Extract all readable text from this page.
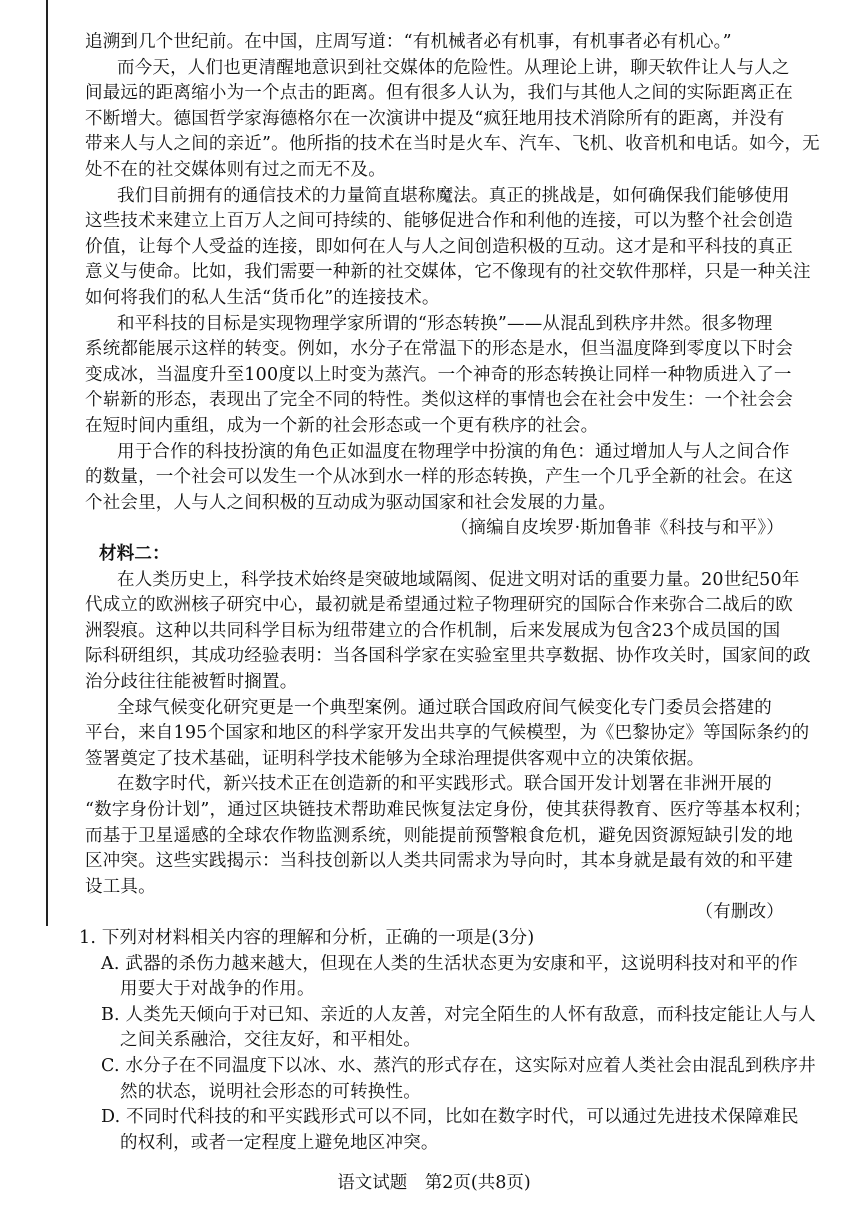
语文试题　第2页(共8页)
追溯到几个世纪前。在中国，庄周写道：“有机械者必有机事，有机事者必有机心。”
而今天，人们也更清醒地意识到社交媒体的危险性。从理论上讲，聊天软件让人与人之
间最远的距离缩小为一个点击的距离。但有很多人认为，我们与其他人之间的实际距离正在
不断增大。德国哲学家海德格尔在一次演讲中提及“疯狂地用技术消除所有的距离，并没有
带来人与人之间的亲近”。他所指的技术在当时是火车、汽车、飞机、收音机和电话。如今，无
处不在的社交媒体则有过之而无不及。
我们目前拥有的通信技术的力量简直堪称魔法。真正的挑战是，如何确保我们能够使用
这些技术来建立上百万人之间可持续的、能够促进合作和利他的连接，可以为整个社会创造
价值，让每个人受益的连接，即如何在人与人之间创造积极的互动。这才是和平科技的真正
意义与使命。比如，我们需要一种新的社交媒体，它不像现有的社交软件那样，只是一种关注
如何将我们的私人生活“货币化”的连接技术。
和平科技的目标是实现物理学家所谓的“形态转换”——从混乱到秩序井然。很多物理
系统都能展示这样的转变。例如，水分子在常温下的形态是水，但当温度降到零度以下时会
变成冰，当温度升至100度以上时变为蒸汽。一个神奇的形态转换让同样一种物质进入了一
个崭新的形态，表现出了完全不同的特性。类似这样的事情也会在社会中发生：一个社会会
在短时间内重组，成为一个新的社会形态或一个更有秩序的社会。
用于合作的科技扮演的角色正如温度在物理学中扮演的角色：通过增加人与人之间合作
的数量，一个社会可以发生一个从冰到水一样的形态转换，产生一个几乎全新的社会。在这
个社会里，人与人之间积极的互动成为驱动国家和社会发展的力量。
（摘编自皮埃罗·斯加鲁菲《科技与和平》）
材料二：
在人类历史上，科学技术始终是突破地域隔阂、促进文明对话的重要力量。20世纪50年
代成立的欧洲核子研究中心，最初就是希望通过粒子物理研究的国际合作来弥合二战后的欧
洲裂痕。这种以共同科学目标为纽带建立的合作机制，后来发展成为包含23个成员国的国
际科研组织，其成功经验表明：当各国科学家在实验室里共享数据、协作攻关时，国家间的政
治分歧往往能被暂时搁置。
全球气候变化研究更是一个典型案例。通过联合国政府间气候变化专门委员会搭建的
平台，来自195个国家和地区的科学家开发出共享的气候模型，为《巴黎协定》等国际条约的
签署奠定了技术基础，证明科学技术能够为全球治理提供客观中立的决策依据。
在数字时代，新兴技术正在创造新的和平实践形式。联合国开发计划署在非洲开展的
“数字身份计划”，通过区块链技术帮助难民恢复法定身份，使其获得教育、医疗等基本权利；
而基于卫星遥感的全球农作物监测系统，则能提前预警粮食危机，避免因资源短缺引发的地
区冲突。这些实践揭示：当科技创新以人类共同需求为导向时，其本身就是最有效的和平建
设工具。
（有删改）
1. 下列对材料相关内容的理解和分析，正确的一项是(3分)
A. 武器的杀伤力越来越大，但现在人类的生活状态更为安康和平，这说明科技对和平的作
用要大于对战争的作用。
B. 人类先天倾向于对已知、亲近的人友善，对完全陌生的人怀有敌意，而科技定能让人与人
之间关系融洽，交往友好，和平相处。
C. 水分子在不同温度下以冰、水、蒸汽的形式存在，这实际对应着人类社会由混乱到秩序井
然的状态，说明社会形态的可转换性。
D. 不同时代科技的和平实践形式可以不同，比如在数字时代，可以通过先进技术保障难民
的权利，或者一定程度上避免地区冲突。
